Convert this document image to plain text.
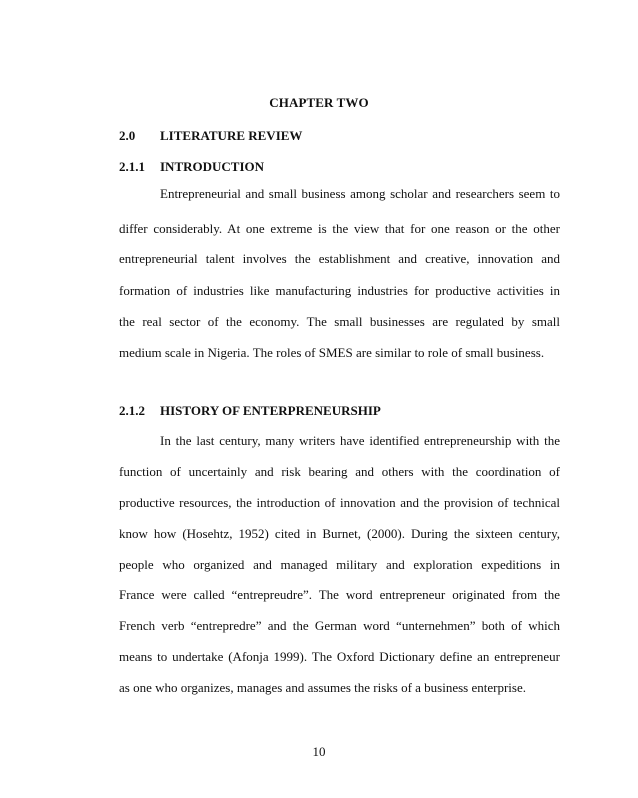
CHAPTER TWO
2.0 LITERATURE REVIEW
2.1.1 INTRODUCTION
Entrepreneurial and small business among scholar and researchers seem to
differ considerably. At one extreme is the view that for one reason or the other
entrepreneurial talent involves the establishment and creative, innovation and
formation of industries like manufacturing industries for productive activities in
the real sector of the economy. The small businesses are regulated by small
medium scale in Nigeria. The roles of SMES are similar to role of small business.
2.1.2 HISTORY OF ENTERPRENEURSHIP
In the last century, many writers have identified entrepreneurship with the
function of uncertainly and risk bearing and others with the coordination of
productive resources, the introduction of innovation and the provision of technical
know how (Hosehtz, 1952) cited in Burnet, (2000). During the sixteen century,
people who organized and managed military and exploration expeditions in
France were called “entrepreudre”. The word entrepreneur originated from the
French verb “entrepredre” and the German word “unternehmen” both of which
means to undertake (Afonja 1999). The Oxford Dictionary define an entrepreneur
as one who organizes, manages and assumes the risks of a business enterprise.
10
